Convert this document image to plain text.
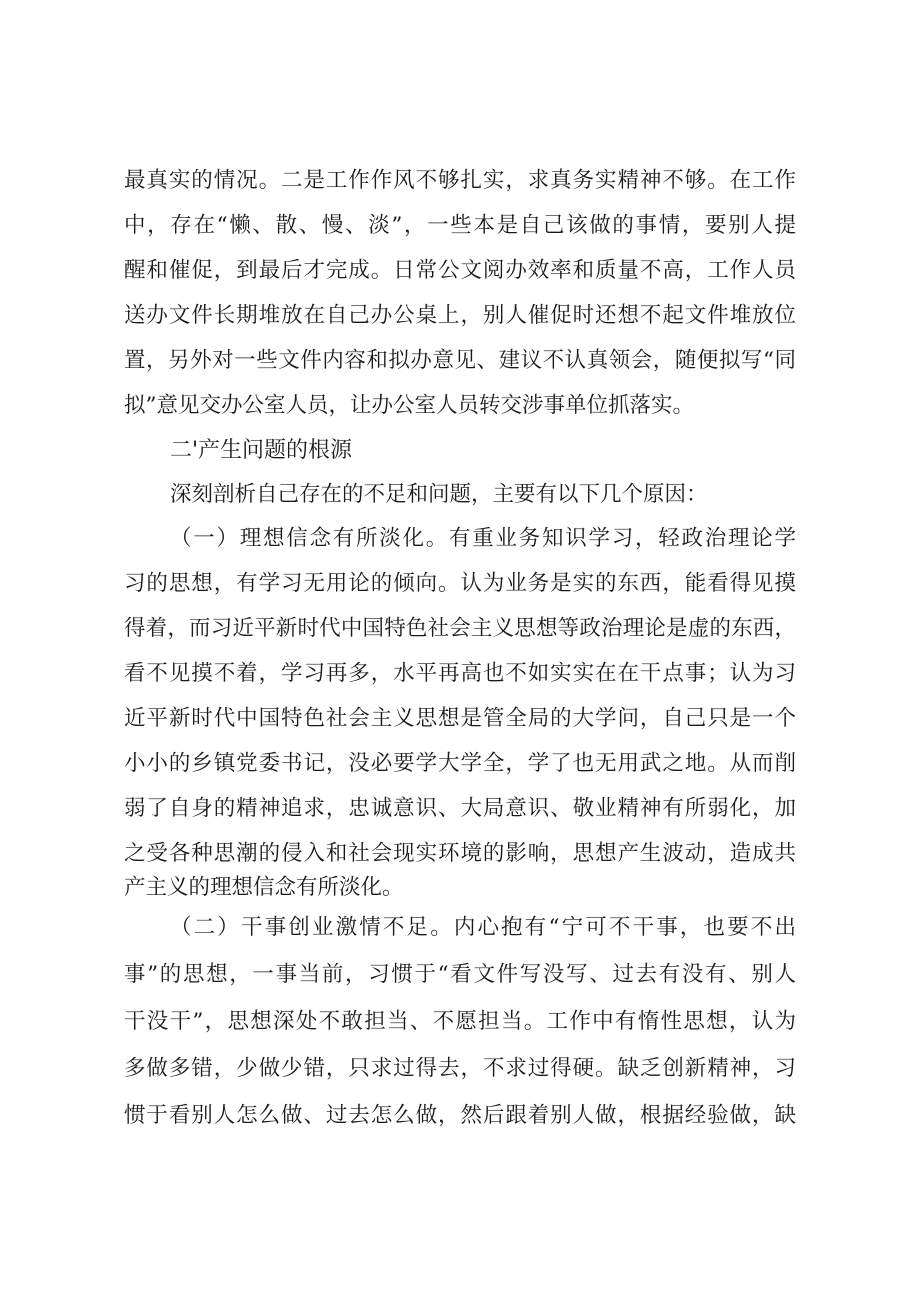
最真实的情况。二是工作作风不够扎实，求真务实精神不够。在工作
中，存在“懒、散、慢、淡”，一些本是自己该做的事情，要别人提
醒和催促，到最后才完成。日常公文阅办效率和质量不高，工作人员
送办文件长期堆放在自己办公桌上，别人催促时还想不起文件堆放位
置，另外对一些文件内容和拟办意见、建议不认真领会，随便拟写“同
拟”意见交办公室人员，让办公室人员转交涉事单位抓落实。
二'产生问题的根源
深刻剖析自己存在的不足和问题，主要有以下几个原因：
（一）理想信念有所淡化。有重业务知识学习，轻政治理论学
习的思想，有学习无用论的倾向。认为业务是实的东西，能看得见摸
得着，而习近平新时代中国特色社会主义思想等政治理论是虚的东西，
看不见摸不着，学习再多，水平再高也不如实实在在干点事；认为习
近平新时代中国特色社会主义思想是管全局的大学问，自己只是一个
小小的乡镇党委书记，没必要学大学全，学了也无用武之地。从而削
弱了自身的精神追求，忠诚意识、大局意识、敬业精神有所弱化，加
之受各种思潮的侵入和社会现实环境的影响，思想产生波动，造成共
产主义的理想信念有所淡化。
（二）干事创业激情不足。内心抱有“宁可不干事，也要不出
事”的思想，一事当前，习惯于“看文件写没写、过去有没有、别人
干没干”，思想深处不敢担当、不愿担当。工作中有惰性思想，认为
多做多错，少做少错，只求过得去，不求过得硬。缺乏创新精神，习
惯于看别人怎么做、过去怎么做，然后跟着别人做，根据经验做，缺
